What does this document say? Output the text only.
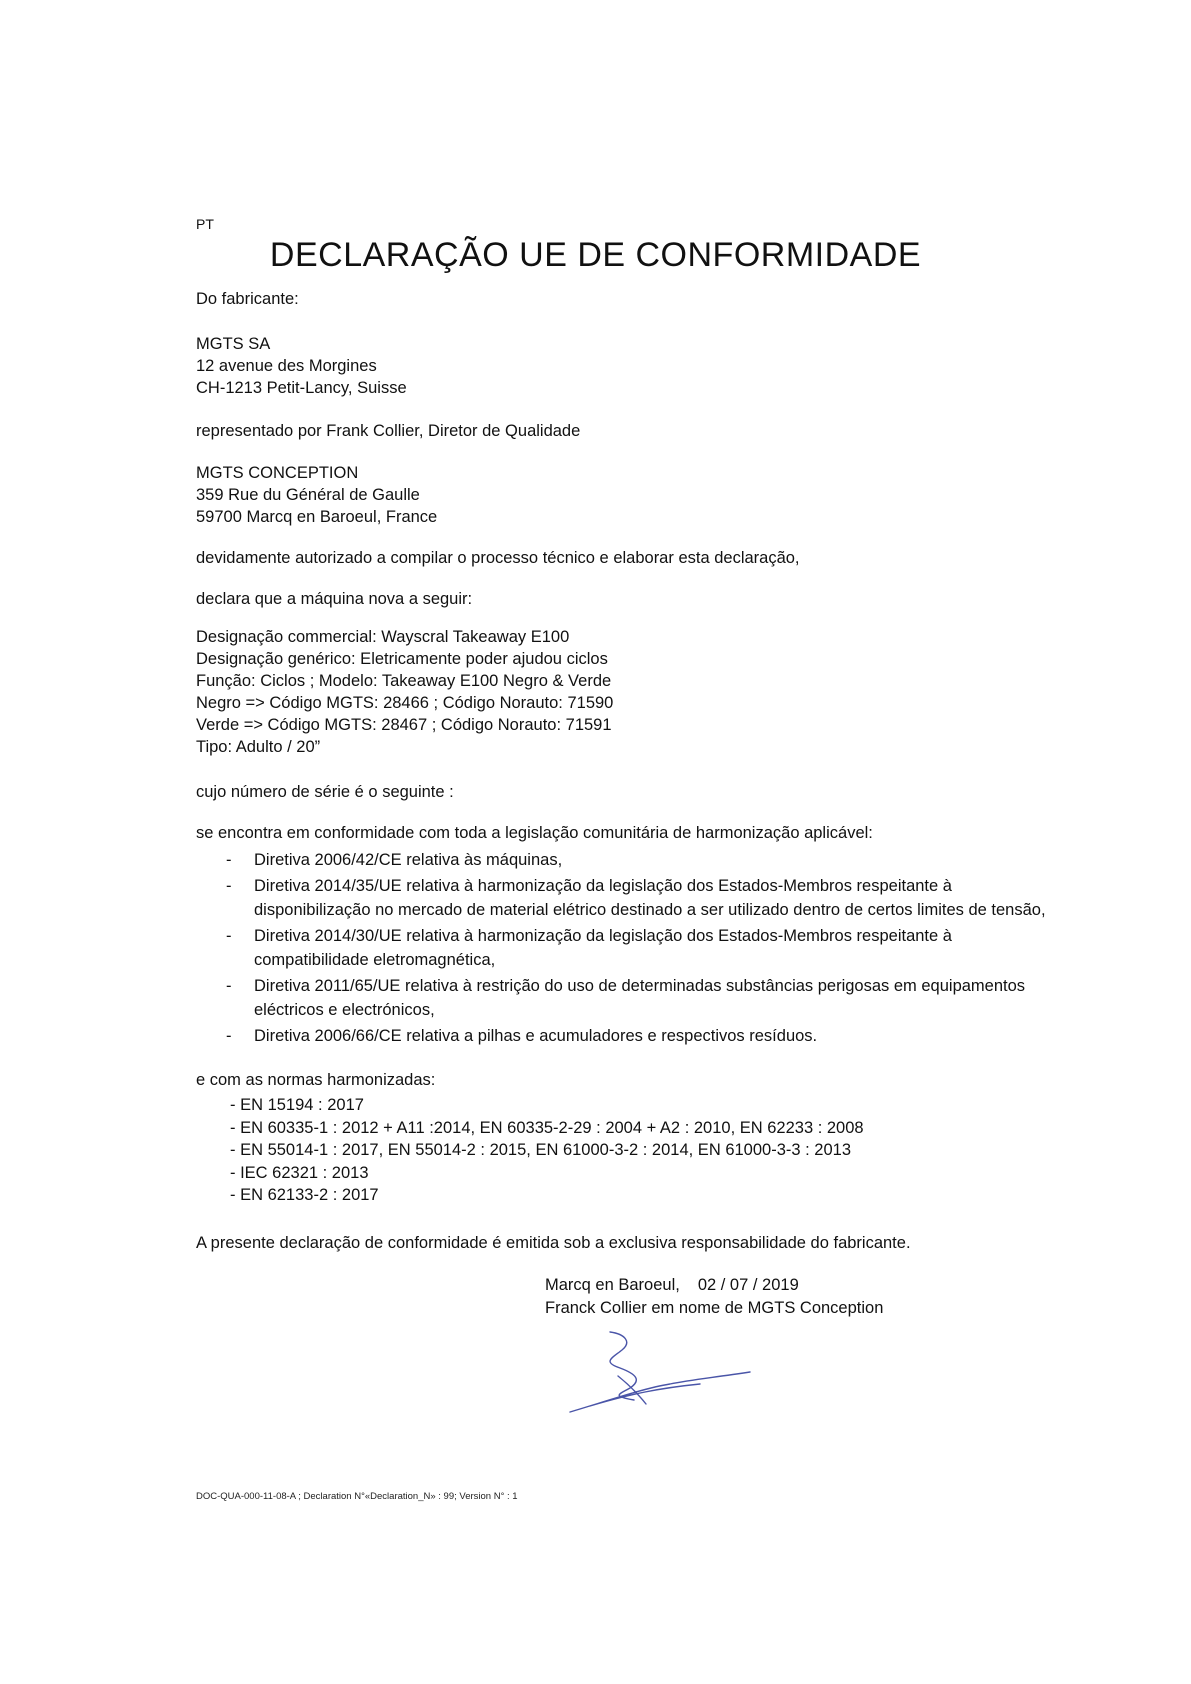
PT
DECLARAÇÃO UE DE CONFORMIDADE
Do fabricante:
MGTS SA
12 avenue des Morgines
CH-1213 Petit-Lancy, Suisse
representado por Frank Collier, Diretor de Qualidade
MGTS CONCEPTION
359 Rue du Général de Gaulle
59700 Marcq en Baroeul, France
devidamente autorizado a compilar o processo técnico e elaborar esta declaração,
declara que a máquina nova a seguir:
Designação commercial: Wayscral Takeaway E100
Designação genérico: Eletricamente poder ajudou ciclos
Função: Ciclos ; Modelo: Takeaway E100 Negro & Verde
Negro => Código MGTS: 28466 ; Código Norauto: 71590
Verde => Código MGTS: 28467 ; Código Norauto: 71591
Tipo: Adulto / 20”
cujo número de série é o seguinte :
se encontra em conformidade com toda a legislação comunitária de harmonização aplicável:
- Diretiva 2006/42/CE relativa às máquinas,
- Diretiva 2014/35/UE relativa à harmonização da legislação dos Estados-Membros respeitante à disponibilização no mercado de material elétrico destinado a ser utilizado dentro de certos limites de tensão,
- Diretiva 2014/30/UE relativa à harmonização da legislação dos Estados-Membros respeitante à compatibilidade eletromagnética,
- Diretiva 2011/65/UE relativa à restrição do uso de determinadas substâncias perigosas em equipamentos eléctricos e electrónicos,
- Diretiva 2006/66/CE relativa a pilhas e acumuladores e respectivos resíduos.
e com as normas harmonizadas:
- EN 15194 : 2017
- EN 60335-1 : 2012 + A11 :2014, EN 60335-2-29 : 2004 + A2 : 2010, EN 62233 : 2008
- EN 55014-1 : 2017, EN 55014-2 : 2015, EN 61000-3-2 : 2014, EN 61000-3-3 : 2013
- IEC 62321 : 2013
- EN 62133-2 : 2017
A presente declaração de conformidade é emitida sob a exclusiva responsabilidade do fabricante.
Marcq en Baroeul, 02 / 07 / 2019
Franck Collier em nome de MGTS Conception
DOC-QUA-000-11-08-A ; Declaration N°«Declaration_N» : 99; Version N° : 1
